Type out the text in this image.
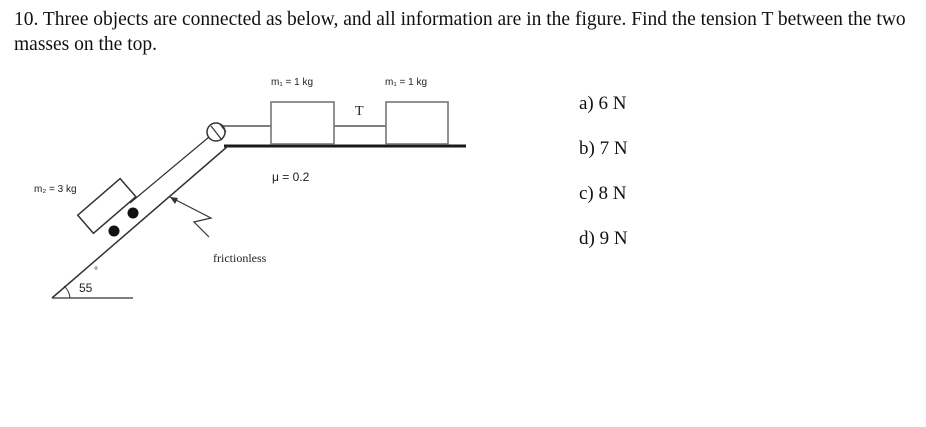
10. Three objects are connected as below, and all information are in the figure. Find the tension T between the two masses on the top.
m₁ = 1 kg	m₁ = 1 kg
T
m₂ = 3 kg
μ = 0.2
frictionless
55
°
a) 6 N
b) 7 N
c) 8 N
d) 9 N
